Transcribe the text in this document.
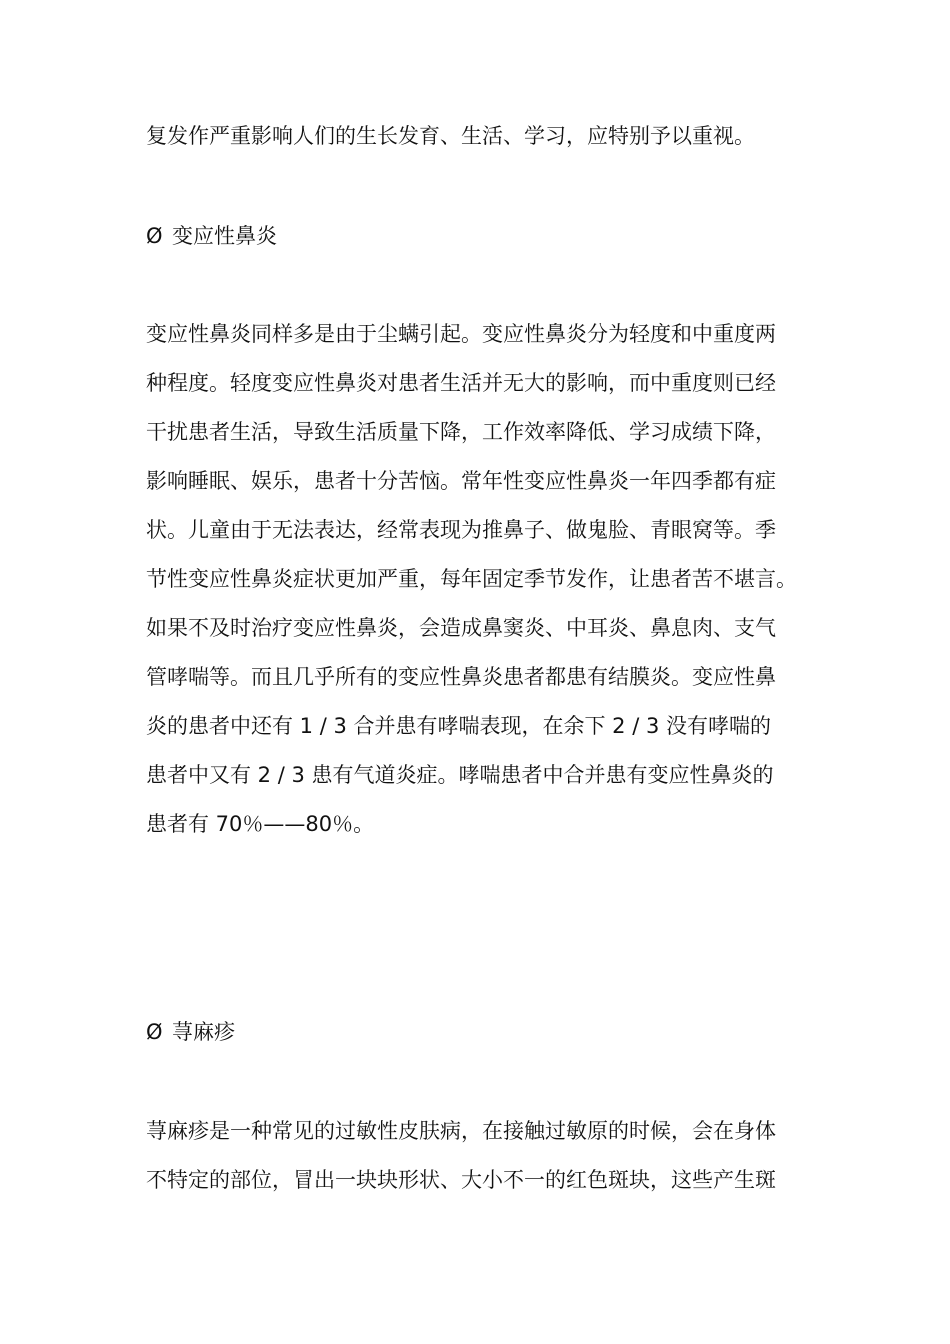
复发作严重影响人们的生长发育、生活、学习，应特别予以重视。
Ø 变应性鼻炎
变应性鼻炎同样多是由于尘螨引起。变应性鼻炎分为轻度和中重度两
种程度。轻度变应性鼻炎对患者生活并无大的影响，而中重度则已经
干扰患者生活，导致生活质量下降，工作效率降低、学习成绩下降，
影响睡眠、娱乐，患者十分苦恼。常年性变应性鼻炎一年四季都有症
状。儿童由于无法表达，经常表现为推鼻子、做鬼脸、青眼窝等。季
节性变应性鼻炎症状更加严重，每年固定季节发作，让患者苦不堪言。
如果不及时治疗变应性鼻炎，会造成鼻窦炎、中耳炎、鼻息肉、支气
管哮喘等。而且几乎所有的变应性鼻炎患者都患有结膜炎。变应性鼻
炎的患者中还有 1 / 3 合并患有哮喘表现，在余下 2 / 3 没有哮喘的
患者中又有 2 / 3 患有气道炎症。哮喘患者中合并患有变应性鼻炎的
患者有 70％——80％。
Ø 荨麻疹
荨麻疹是一种常见的过敏性皮肤病，在接触过敏原的时候，会在身体
不特定的部位，冒出一块块形状、大小不一的红色斑块，这些产生斑
